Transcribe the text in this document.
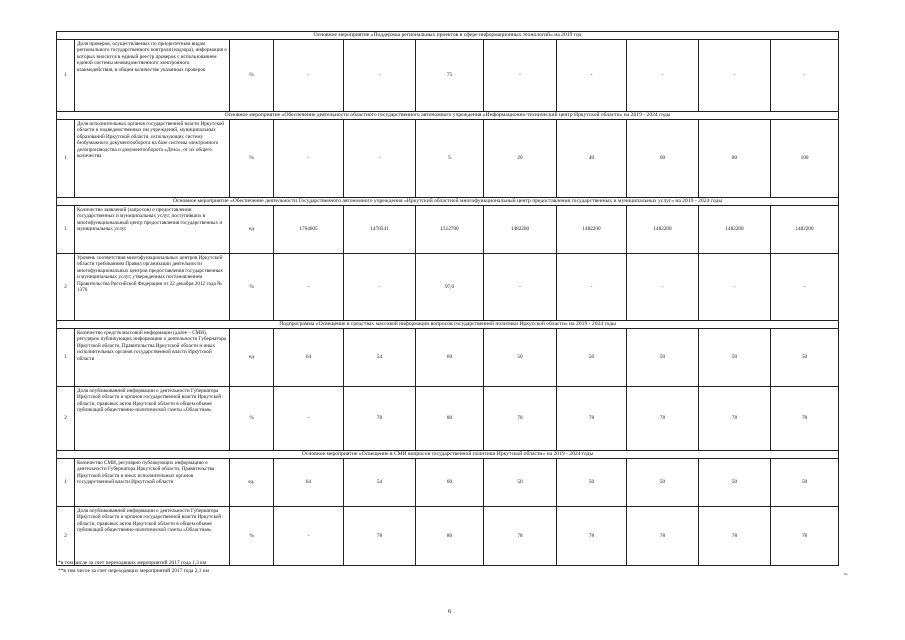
Основное мероприятие «Поддержка региональных проектов в сфере информационных технологий» на 2019 год										
1	Доля проверок, осуществляемых по приоритетным видам регионального государственного контроля (надзора), информация о которых вносится в единый реестр проверок с использованием единой системы межведомственного электронного взаимодействия, в общем количестве указанных проверок	%	-	-	75	-	-	-	-	-
Основное мероприятие «Обеспечение деятельности областного государственного автономного учреждения «Информационно-технический центр Иркутской области» на 2019 - 2024 годы										
1	Доля исполнительных органов государственной власти Иркутской области и подведомственных им учреждений, муниципальных образований Иркутской области, использующих систему безбумажного документооборота на базе системы электронного делопроизводства и документооборота «Дело», от их общего количества	%	-	-	5	20	40	60	80	100
Основное мероприятие «Обеспечение деятельности Государственного автономного учреждения «Иркутский областной многофункциональный центр предоставления государственных и муниципальных услуг» на 2019 - 2024 годы										
1	Количество заявлений (запросов) о предоставлении государственных и муниципальных услуг, поступивших в многофункциональный центр предоставления государственных и муниципальных услуг	ед	1764605	1478541	1512780	1482200	1482200	1482200	1482200	1482200
2	Уровень соответствия многофункциональных центров Иркутской области требованиям Правил организации деятельности многофункциональных центров предоставления государственных и муниципальных услуг, утвержденных постановлением Правительства Российской Федерации от 22 декабря 2012 года № 1376	%	-	-	97,6	-	-	-	-	-
Подпрограмма «Освещение в средствах массовой информации вопросов государственной политики Иркутской области» на 2019 - 2024 годы										
1	Количество средств массовой информации (далее – СМИ), регулярно публикующих информацию о деятельности Губернатора Иркутской области, Правительства Иркутской области и иных исполнительных органов государственной власти Иркутской области	ед	64	54	60	50	50	50	50	50
2	Доля опубликованной информации о деятельности Губернатора Иркутской области и органов государственной власти Иркутской области, правовых актов Иркутской области в общем объеме публикаций общественно-политической газеты «Областная»	%	-	78	80	78	78	78	78	78
Основное мероприятие «Освещение в СМИ вопросов государственной политики Иркутской области» на 2019 - 2024 годы										
1	Количество СМИ, регулярно публикующих информацию о деятельности Губернатора Иркутской области, Правительства Иркутской области и иных исполнительных органов государственной власти Иркутской области	ед.	64	54	60	50	50	50	50	50
2	Доля опубликованной информации о деятельности Губернатора Иркутской области и органов государственной власти Иркутской области, правовых актов Иркутской области в общем объеме публикаций общественно-политической газеты «Областная»	%	-	78	80	78	78	78	78	78
*в том числе за счет переходящих мероприятий 2017 года 1,3 км
**в том числе за счет переходящих мероприятий 2017 года 2,1 км	».
6
